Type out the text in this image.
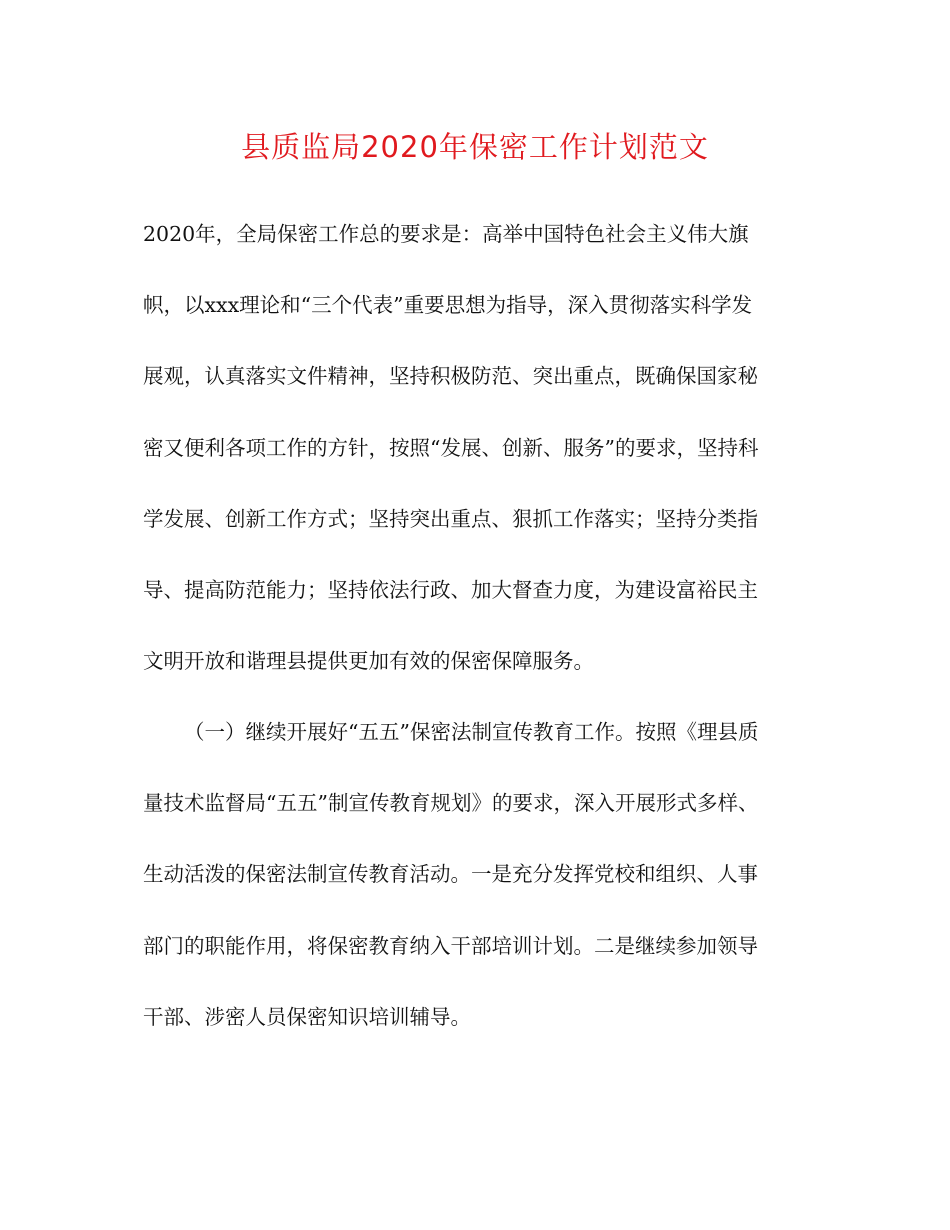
县质监局2020年保密工作计划范文
2020年，全局保密工作总的要求是：高举中国特色社会主义伟大旗
帜，以xxx理论和“三个代表”重要思想为指导，深入贯彻落实科学发
展观，认真落实文件精神，坚持积极防范、突出重点，既确保国家秘
密又便利各项工作的方针，按照“发展、创新、服务”的要求，坚持科
学发展、创新工作方式；坚持突出重点、狠抓工作落实；坚持分类指
导、提高防范能力；坚持依法行政、加大督查力度，为建设富裕民主
文明开放和谐理县提供更加有效的保密保障服务。
（一）继续开展好“五五”保密法制宣传教育工作。按照《理县质
量技术监督局“五五”制宣传教育规划》的要求，深入开展形式多样、
生动活泼的保密法制宣传教育活动。一是充分发挥党校和组织、人事
部门的职能作用，将保密教育纳入干部培训计划。二是继续参加领导
干部、涉密人员保密知识培训辅导。
